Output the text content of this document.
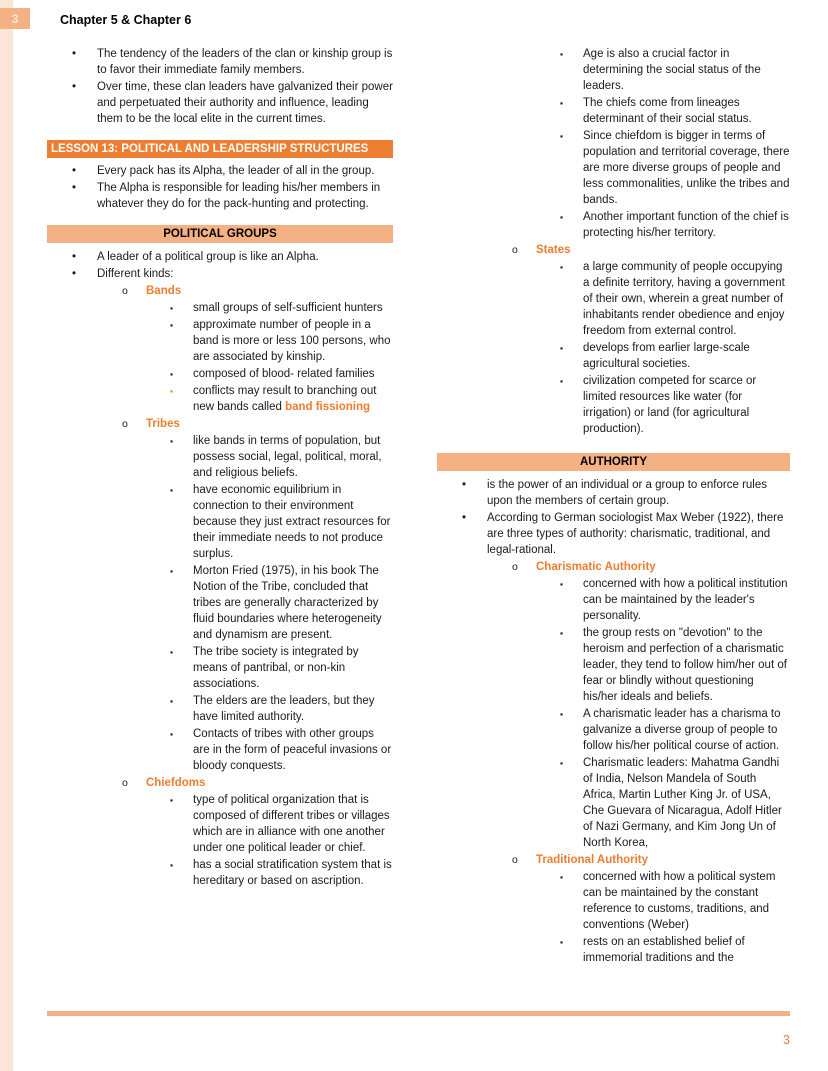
3	Chapter 5 & Chapter 6
•
The tendency of the leaders of the clan or kinship group is to favor their immediate family members.
•
Over time, these clan leaders have galvanized their power and perpetuated their authority and influence, leading them to be the local elite in the current times.
LESSON 13: POLITICAL AND LEADERSHIP STRUCTURES
•
Every pack has its Alpha, the leader of all in the group.
•
The Alpha is responsible for leading his/her members in whatever they do for the pack-hunting and protecting.
POLITICAL GROUPS
•
A leader of a political group is like an Alpha.
•
Different kinds:
o
Bands
▪
small groups of self-sufficient hunters
▪
approximate number of people in a band is more or less 100 persons, who are associated by kinship.
▪
composed of blood- related families
▪
conflicts may result to branching out new bands called band fissioning
o
Tribes
▪
like bands in terms of population, but possess social, legal, political, moral, and religious beliefs.
▪
have economic equilibrium in connection to their environment because they just extract resources for their immediate needs to not produce surplus.
▪
Morton Fried (1975), in his book The Notion of the Tribe, concluded that tribes are generally characterized by fluid boundaries where heterogeneity and dynamism are present.
▪
The tribe society is integrated by means of pantribal, or non-kin associations.
▪
The elders are the leaders, but they have limited authority.
▪
Contacts of tribes with other groups are in the form of peaceful invasions or bloody conquests.
o
Chiefdoms
▪
type of political organization that is composed of different tribes or villages which are in alliance with one another under one political leader or chief.
▪
has a social stratification system that is hereditary or based on ascription.
▪
Age is also a crucial factor in determining the social status of the leaders.
▪
The chiefs come from lineages determinant of their social status.
▪
Since chiefdom is bigger in terms of population and territorial coverage, there are more diverse groups of people and less commonalities, unlike the tribes and bands.
▪
Another important function of the chief is protecting his/her territory.
o
States
▪
a large community of people occupying a definite territory, having a government of their own, wherein a great number of inhabitants render obedience and enjoy freedom from external control.
▪
develops from earlier large-scale agricultural societies.
▪
civilization competed for scarce or limited resources like water (for irrigation) or land (for agricultural production).
AUTHORITY
•
is the power of an individual or a group to enforce rules upon the members of certain group.
•
According to German sociologist Max Weber (1922), there are three types of authority: charismatic, traditional, and legal-rational.
o
Charismatic Authority
▪
concerned with how a political institution can be maintained by the leader's personality.
▪
the group rests on "devotion" to the heroism and perfection of a charismatic leader, they tend to follow him/her out of fear or blindly without questioning his/her ideals and beliefs.
▪
A charismatic leader has a charisma to galvanize a diverse group of people to follow his/her political course of action.
▪
Charismatic leaders: Mahatma Gandhi of India, Nelson Mandela of South Africa, Martin Luther King Jr. of USA, Che Guevara of Nicaragua, Adolf Hitler of Nazi Germany, and Kim Jong Un of North Korea,
o
Traditional Authority
▪
concerned with how a political system can be maintained by the constant reference to customs, traditions, and conventions (Weber)
▪
rests on an established belief of immemorial traditions and the
3
